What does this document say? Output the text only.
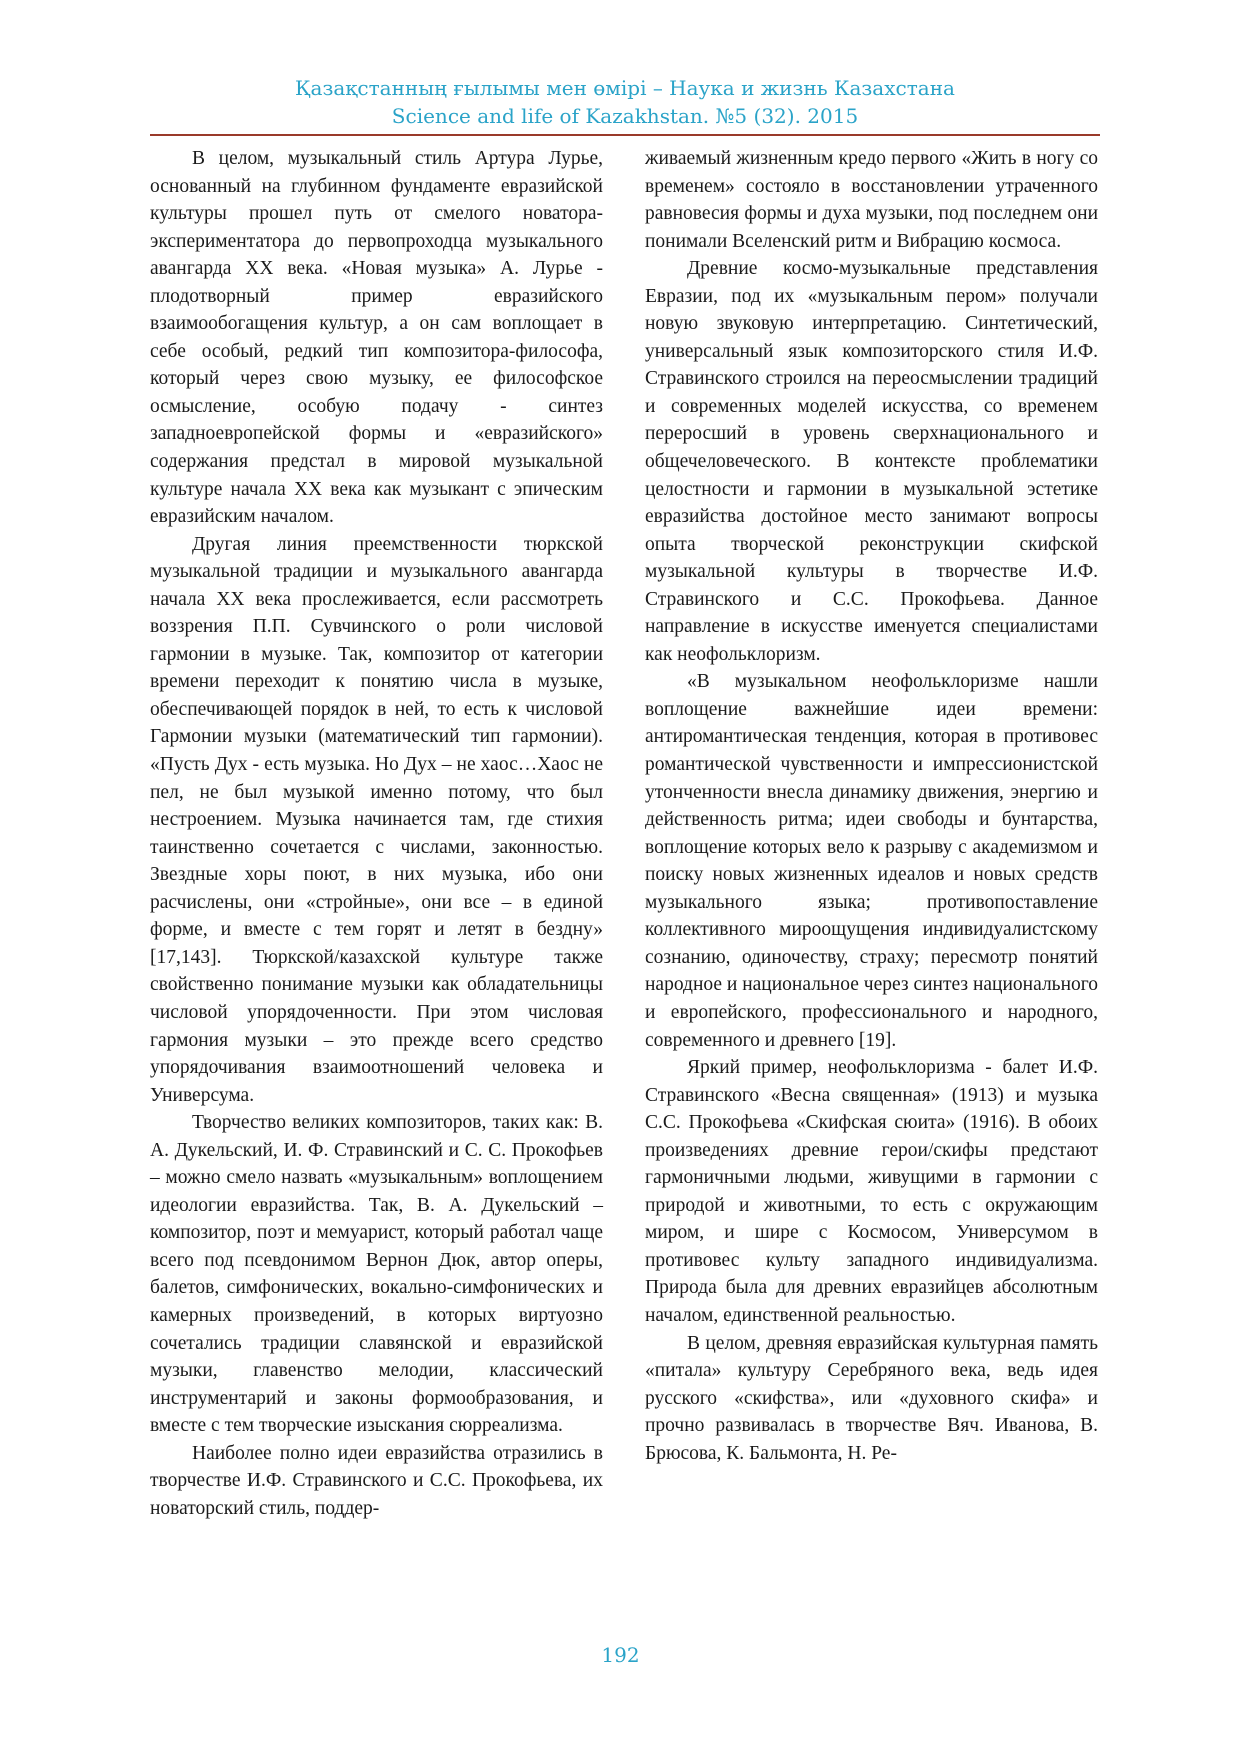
Қазақстанның ғылымы мен өмірі – Наука и жизнь Казахстана
Science and life of Kazakhstan. №5 (32). 2015

В целом, музыкальный стиль Артура Лурье, основанный на глубинном фундаменте евразийской культуры прошел путь от смелого новатора-экспериментатора до первопроходца музыкального авангарда XX века. «Новая музыка» А. Лурье - плодотворный пример евразийского взаимообогащения культур, а он сам воплощает в себе особый, редкий тип композитора-философа, который через свою музыку, ее философское осмысление, особую подачу - синтез западноевропейской формы и «евразийского» содержания предстал в мировой музыкальной культуре начала XX века как музыкант с эпическим евразийским началом.

Другая линия преемственности тюркской музыкальной традиции и музыкального авангарда начала XX века прослеживается, если рассмотреть воззрения П.П. Сувчинского о роли числовой гармонии в музыке. Так, композитор от категории времени переходит к понятию числа в музыке, обеспечивающей порядок в ней, то есть к числовой Гармонии музыки (математический тип гармонии). «Пусть Дух - есть музыка. Но Дух – не хаос…Хаос не пел, не был музыкой именно потому, что был нестроением. Музыка начинается там, где стихия таинственно сочетается с числами, законностью. Звездные хоры поют, в них музыка, ибо они расчислены, они «стройные», они все – в единой форме, и вместе с тем горят и летят в бездну» [17,143]. Тюркской/казахской культуре также свойственно понимание музыки как обладательницы числовой упорядоченности. При этом числовая гармония музыки – это прежде всего средство упорядочивания взаимоотношений человека и Универсума.

Творчество великих композиторов, таких как: В. А. Дукельский, И. Ф. Стравинский и С. С. Прокофьев – можно смело назвать «музыкальным» воплощением идеологии евразийства. Так, В. А. Дукельский – композитор, поэт и мемуарист, который работал чаще всего под псевдонимом Вернон Дюк, автор оперы, балетов, симфонических, вокально-симфонических и камерных произведений, в которых виртуозно сочетались традиции славянской и евразийской музыки, главенство мелодии, классический инструментарий и законы формообразования, и вместе с тем творческие изыскания сюрреализма.

Наиболее полно идеи евразийства отразились в творчестве И.Ф. Стравинского и С.С. Прокофьева, их новаторский стиль, поддер-

живаемый жизненным кредо первого «Жить в ногу со временем» состояло в восстановлении утраченного равновесия формы и духа музыки, под последнем они понимали Вселенский ритм и Вибрацию космоса.

Древние космо-музыкальные представления Евразии, под их «музыкальным пером» получали новую звуковую интерпретацию. Синтетический, универсальный язык композиторского стиля И.Ф. Стравинского строился на переосмыслении традиций и современных моделей искусства, со временем переросший в уровень сверхнационального и общечеловеческого. В контексте проблематики целостности и гармонии в музыкальной эстетике евразийства достойное место занимают вопросы опыта творческой реконструкции скифской музыкальной культуры в творчестве И.Ф. Стравинского и С.С. Прокофьева. Данное направление в искусстве именуется специалистами как неофольклоризм.

«В музыкальном неофольклоризме нашли воплощение важнейшие идеи времени: антиромантическая тенденция, которая в противовес романтической чувственности и импрессионистской утонченности внесла динамику движения, энергию и действенность ритма; идеи свободы и бунтарства, воплощение которых вело к разрыву с академизмом и поиску новых жизненных идеалов и новых средств музыкального языка; противопоставление коллективного мироощущения индивидуалистскому сознанию, одиночеству, страху; пересмотр понятий народное и национальное через синтез национального и европейского, профессионального и народного, современного и древнего [19].

Яркий пример, неофольклоризма - балет И.Ф. Стравинского «Весна священная» (1913) и музыка С.С. Прокофьева «Скифская сюита» (1916). В обоих произведениях древние герои/скифы предстают гармоничными людьми, живущими в гармонии с природой и животными, то есть с окружающим миром, и шире с Космосом, Универсумом в противовес культу западного индивидуализма. Природа была для древних евразийцев абсолютным началом, единственной реальностью.

В целом, древняя евразийская культурная память «питала» культуру Серебряного века, ведь идея русского «скифства», или «духовного скифа» и прочно развивалась в творчестве Вяч. Иванова, В. Брюсова, К. Бальмонта, Н. Ре-

192
